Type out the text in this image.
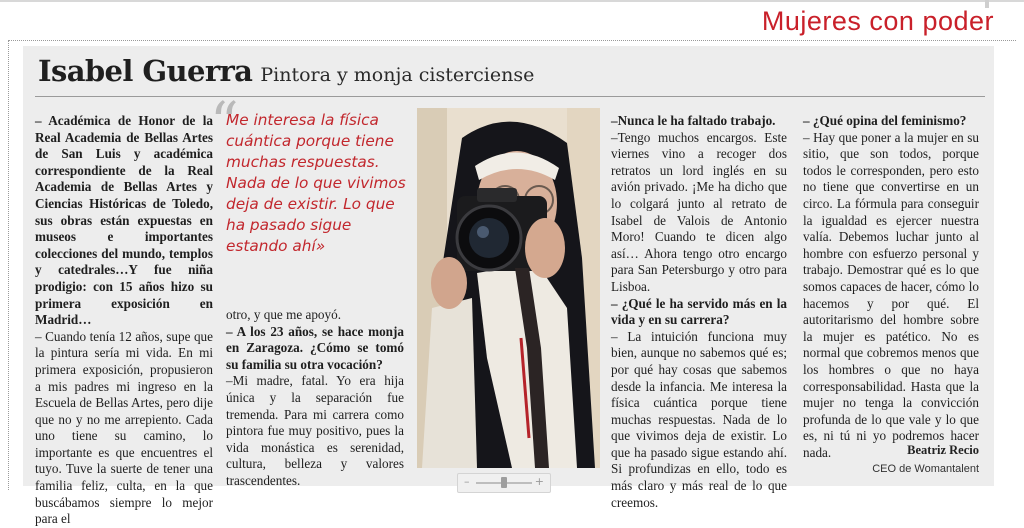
Mujeres con poder
Isabel Guerra Pintora y monja cisterciense

– Académica de Honor de la Real Academia de Bellas Artes de San Luis y académica correspondiente de la Real Academia de Bellas Artes y Ciencias Históricas de Toledo, sus obras están expuestas en museos e importantes colecciones del mundo, templos y catedrales…Y fue niña prodigio: con 15 años hizo su primera exposición en Madrid…

– Cuando tenía 12 años, supe que la pintura sería mi vida. En mi primera exposición, propusieron a mis padres mi ingreso en la Escuela de Bellas Artes, pero dije que no y no me arrepiento. Cada uno tiene su camino, lo importante es que encuentres el tuyo. Tuve la suerte de tener una familia feliz, culta, en la que buscábamos siempre lo mejor para el

“

Me interesa la física cuántica porque tiene muchas respuestas. Nada de lo que vivimos deja de existir. Lo que ha pasado sigue estando ahí»

otro, y que me apoyó.

– A los 23 años, se hace monja en Zaragoza. ¿Cómo se tomó su familia su otra vocación?

–Mi madre, fatal. Yo era hija única y la separación fue tremenda. Para mi carrera como pintora fue muy positivo, pues la vida monástica es serenidad, cultura, belleza y valores trascendentes.

–Nunca le ha faltado trabajo.

–Tengo muchos encargos. Este viernes vino a recoger dos retratos un lord inglés en su avión privado. ¡Me ha dicho que lo colgará junto al retrato de Isabel de Valois de Antonio Moro! Cuando te dicen algo así… Ahora tengo otro encargo para San Petersburgo y otro para Lisboa.

– ¿Qué le ha servido más en la vida y en su carrera?

– La intuición funciona muy bien, aunque no sabemos qué es; por qué hay cosas que sabemos desde la infancia. Me interesa la física cuántica porque tiene muchas respuestas. Nada de lo que vivimos deja de existir. Lo que ha pasado sigue estando ahí. Si profundizas en ello, todo es más claro y más real de lo que creemos.

– ¿Qué opina del feminismo?

– Hay que poner a la mujer en su sitio, que son todos, porque todos le corresponden, pero esto no tiene que convertirse en un circo. La fórmula para conseguir la igualdad es ejercer nuestra valía. Debemos luchar junto al hombre con esfuerzo personal y trabajo. Demostrar qué es lo que somos capaces de hacer, cómo lo hacemos y por qué. El autoritarismo del hombre sobre la mujer es patético. No es normal que cobremos menos que los hombres o que no haya corresponsabilidad. Hasta que la mujer no tenga la convicción profunda de lo que vale y lo que es, ni tú ni yo podremos hacer nada.	Beatriz Recio
CEO de Womantalent
–	+
